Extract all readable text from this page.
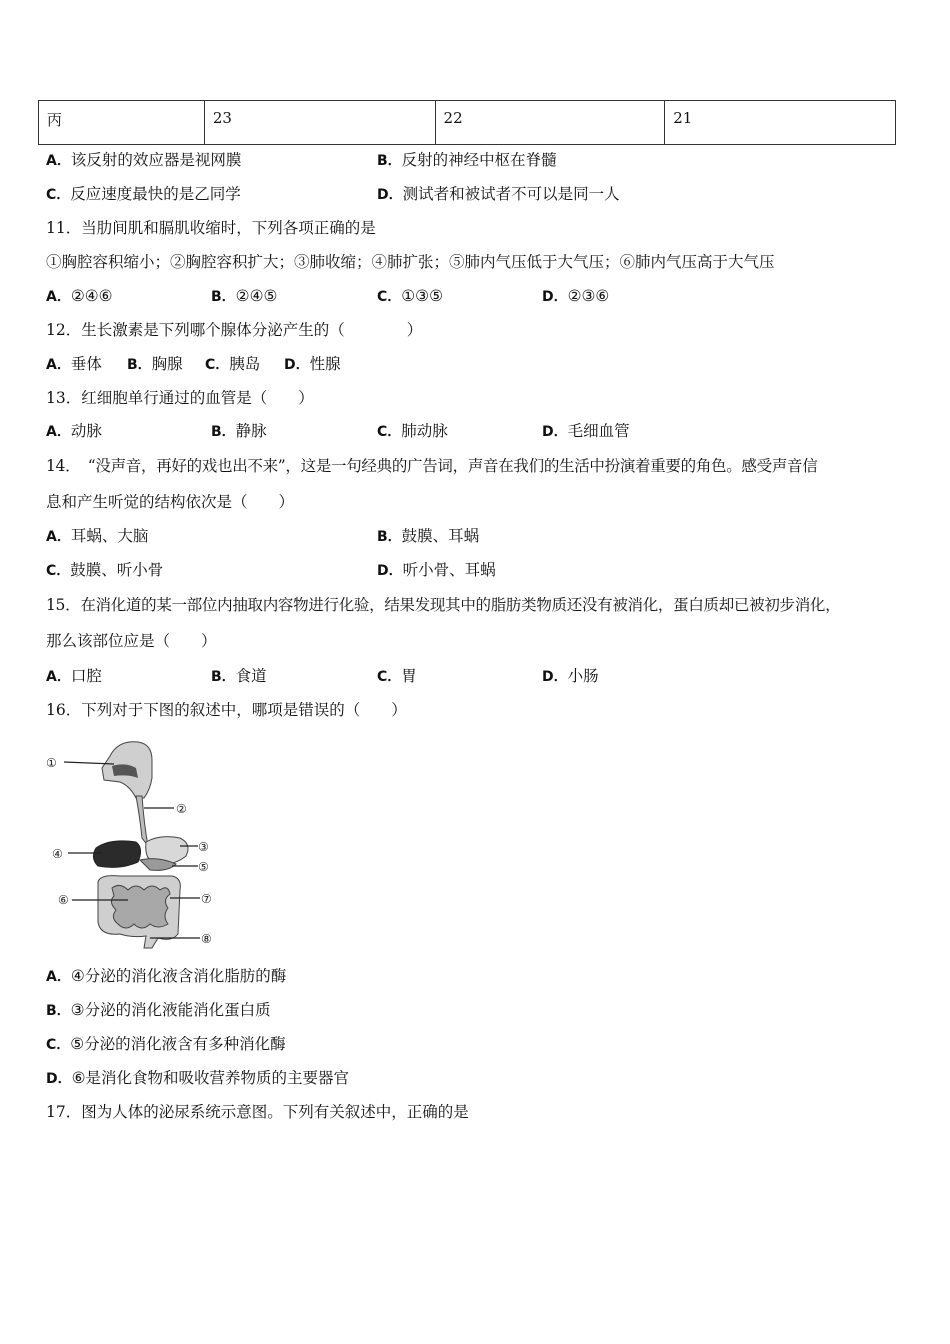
丙	23	22	21
A．该反射的效应器是视网膜	B．反射的神经中枢在脊髓
C．反应速度最快的是乙同学	D．测试者和被试者不可以是同一人
11．当肋间肌和膈肌收缩时，下列各项正确的是
①胸腔容积缩小；②胸腔容积扩大；③肺收缩；④肺扩张；⑤肺内气压低于大气压；⑥肺内气压高于大气压
A．②④⑥	B．②④⑤	C．①③⑤	D．②③⑥
12．生长激素是下列哪个腺体分泌产生的（　　　　）
A．垂体 B．胸腺 C．胰岛 D．性腺
13．红细胞单行通过的血管是（　　）
A．动脉	B．静脉	C．肺动脉	D．毛细血管
14．　“没声音，再好的戏也出不来”，这是一句经典的广告词，声音在我们的生活中扮演着重要的角色。感受声音信
息和产生听觉的结构依次是（　　）
A．耳蜗、大脑	B．鼓膜、耳蜗
C．鼓膜、听小骨	D．听小骨、耳蜗
15．在消化道的某一部位内抽取内容物进行化验，结果发现其中的脂肪类物质还没有被消化，蛋白质却已被初步消化，
那么该部位应是（　　）
A．口腔	B．食道	C．胃	D．小肠
16．下列对于下图的叙述中，哪项是错误的（　　）
①
②
③
④
⑤
⑥	⑦
⑧
A．④分泌的消化液含消化脂肪的酶
B．③分泌的消化液能消化蛋白质
C．⑤分泌的消化液含有多种消化酶
D．⑥是消化食物和吸收营养物质的主要器官
17．图为人体的泌尿系统示意图。下列有关叙述中，正确的是
